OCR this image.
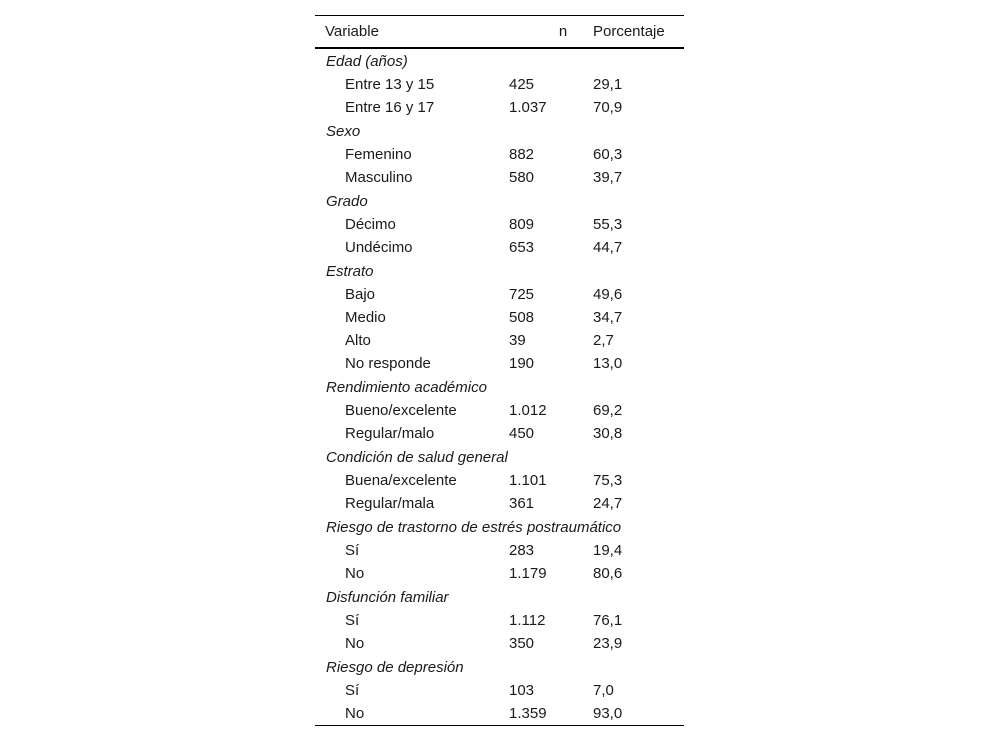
Variable	n	Porcentaje
Edad (años)		
Entre 13 y 15	425	29,1
Entre 16 y 17	1.037	70,9
Sexo		
Femenino	882	60,3
Masculino	580	39,7
Grado		
Décimo	809	55,3
Undécimo	653	44,7
Estrato		
Bajo	725	49,6
Medio	508	34,7
Alto	39	2,7
No responde	190	13,0
Rendimiento académico		
Bueno/excelente	1.012	69,2
Regular/malo	450	30,8
Condición de salud general		
Buena/excelente	1.101	75,3
Regular/mala	361	24,7
Riesgo de trastorno de estrés postraumático		
Sí	283	19,4
No	1.179	80,6
Disfunción familiar		
Sí	1.112	76,1
No	350	23,9
Riesgo de depresión		
Sí	103	7,0
No	1.359	93,0
